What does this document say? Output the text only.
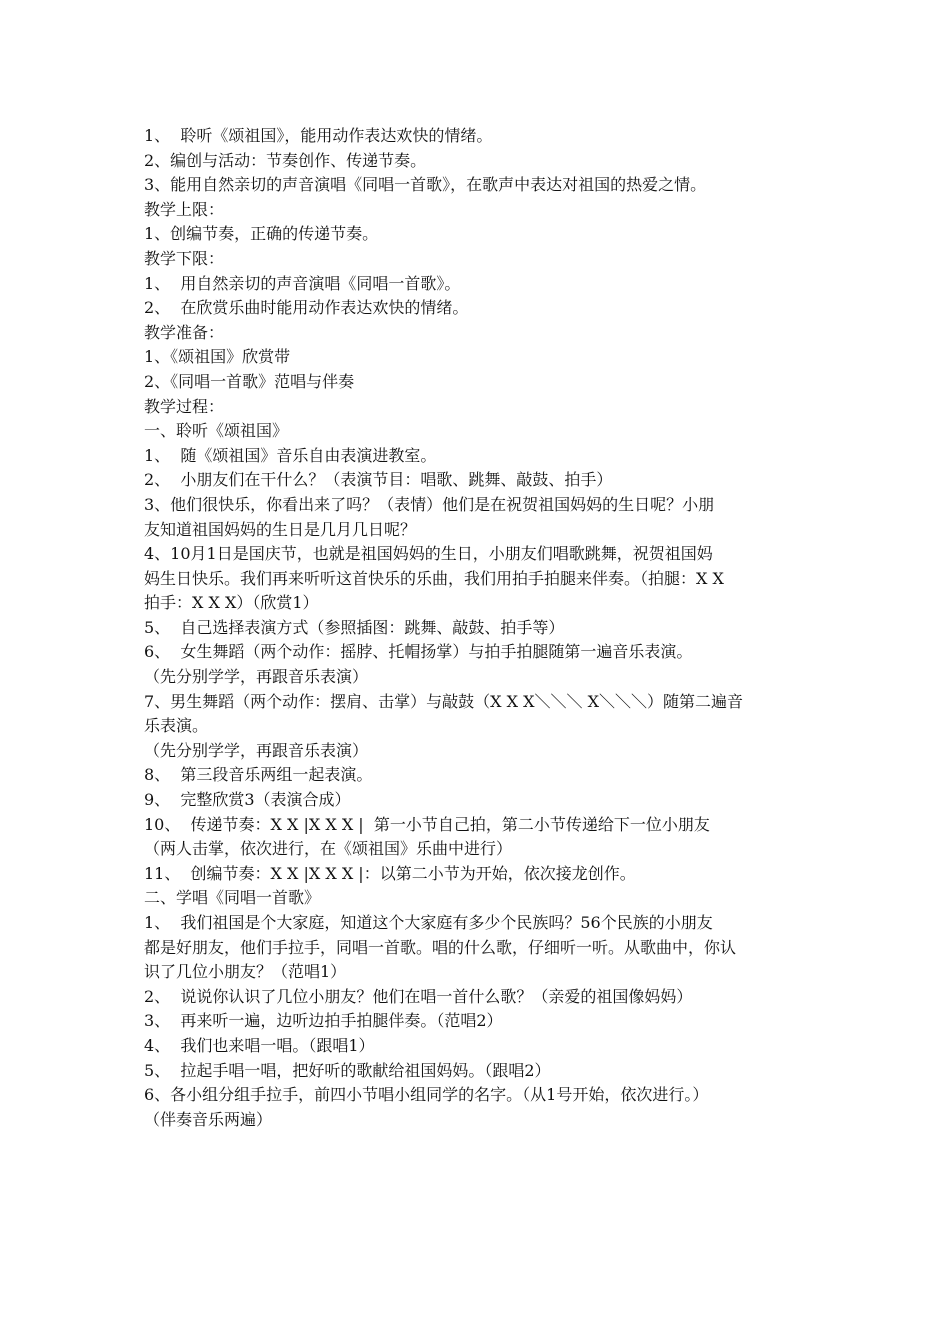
1、  聆听《颂祖国》，能用动作表达欢快的情绪。
2、编创与活动：节奏创作、传递节奏。
3、能用自然亲切的声音演唱《同唱一首歌》，在歌声中表达对祖国的热爱之情。
教学上限：
1、创编节奏，正确的传递节奏。
教学下限：
1、  用自然亲切的声音演唱《同唱一首歌》。
2、  在欣赏乐曲时能用动作表达欢快的情绪。
教学准备：
1、《颂祖国》欣赏带
2、《同唱一首歌》范唱与伴奏
教学过程：
一、聆听《颂祖国》
1、  随《颂祖国》音乐自由表演进教室。
2、  小朋友们在干什么？（表演节目：唱歌、跳舞、敲鼓、拍手）
3、他们很快乐，你看出来了吗？（表情）他们是在祝贺祖国妈妈的生日呢？小朋
友知道祖国妈妈的生日是几月几日呢？
4、10月1日是国庆节，也就是祖国妈妈的生日，小朋友们唱歌跳舞，祝贺祖国妈
妈生日快乐。我们再来听听这首快乐的乐曲，我们用拍手拍腿来伴奏。（拍腿：X X
拍手：X X X）（欣赏1）
5、  自己选择表演方式（参照插图：跳舞、敲鼓、拍手等）
6、  女生舞蹈（两个动作：摇脖、托帽扬掌）与拍手拍腿随第一遍音乐表演。
（先分别学学，再跟音乐表演）
7、男生舞蹈（两个动作：摆肩、击掌）与敲鼓（X X X＼＼＼ X＼＼＼）随第二遍音
乐表演。
（先分别学学，再跟音乐表演）
8、  第三段音乐两组一起表演。
9、  完整欣赏3（表演合成）
10、  传递节奏：X X |X X X |  第一小节自己拍，第二小节传递给下一位小朋友
（两人击掌，依次进行，在《颂祖国》乐曲中进行）
11、  创编节奏：X X |X X X |：以第二小节为开始，依次接龙创作。
二、学唱《同唱一首歌》
1、  我们祖国是个大家庭，知道这个大家庭有多少个民族吗？56个民族的小朋友
都是好朋友，他们手拉手，同唱一首歌。唱的什么歌，仔细听一听。从歌曲中，你认
识了几位小朋友？（范唱1）
2、  说说你认识了几位小朋友？他们在唱一首什么歌？（亲爱的祖国像妈妈）
3、  再来听一遍，边听边拍手拍腿伴奏。（范唱2）
4、  我们也来唱一唱。（跟唱1）
5、  拉起手唱一唱，把好听的歌献给祖国妈妈。（跟唱2）
6、各小组分组手拉手，前四小节唱小组同学的名字。（从1号开始，依次进行。）
（伴奏音乐两遍）
